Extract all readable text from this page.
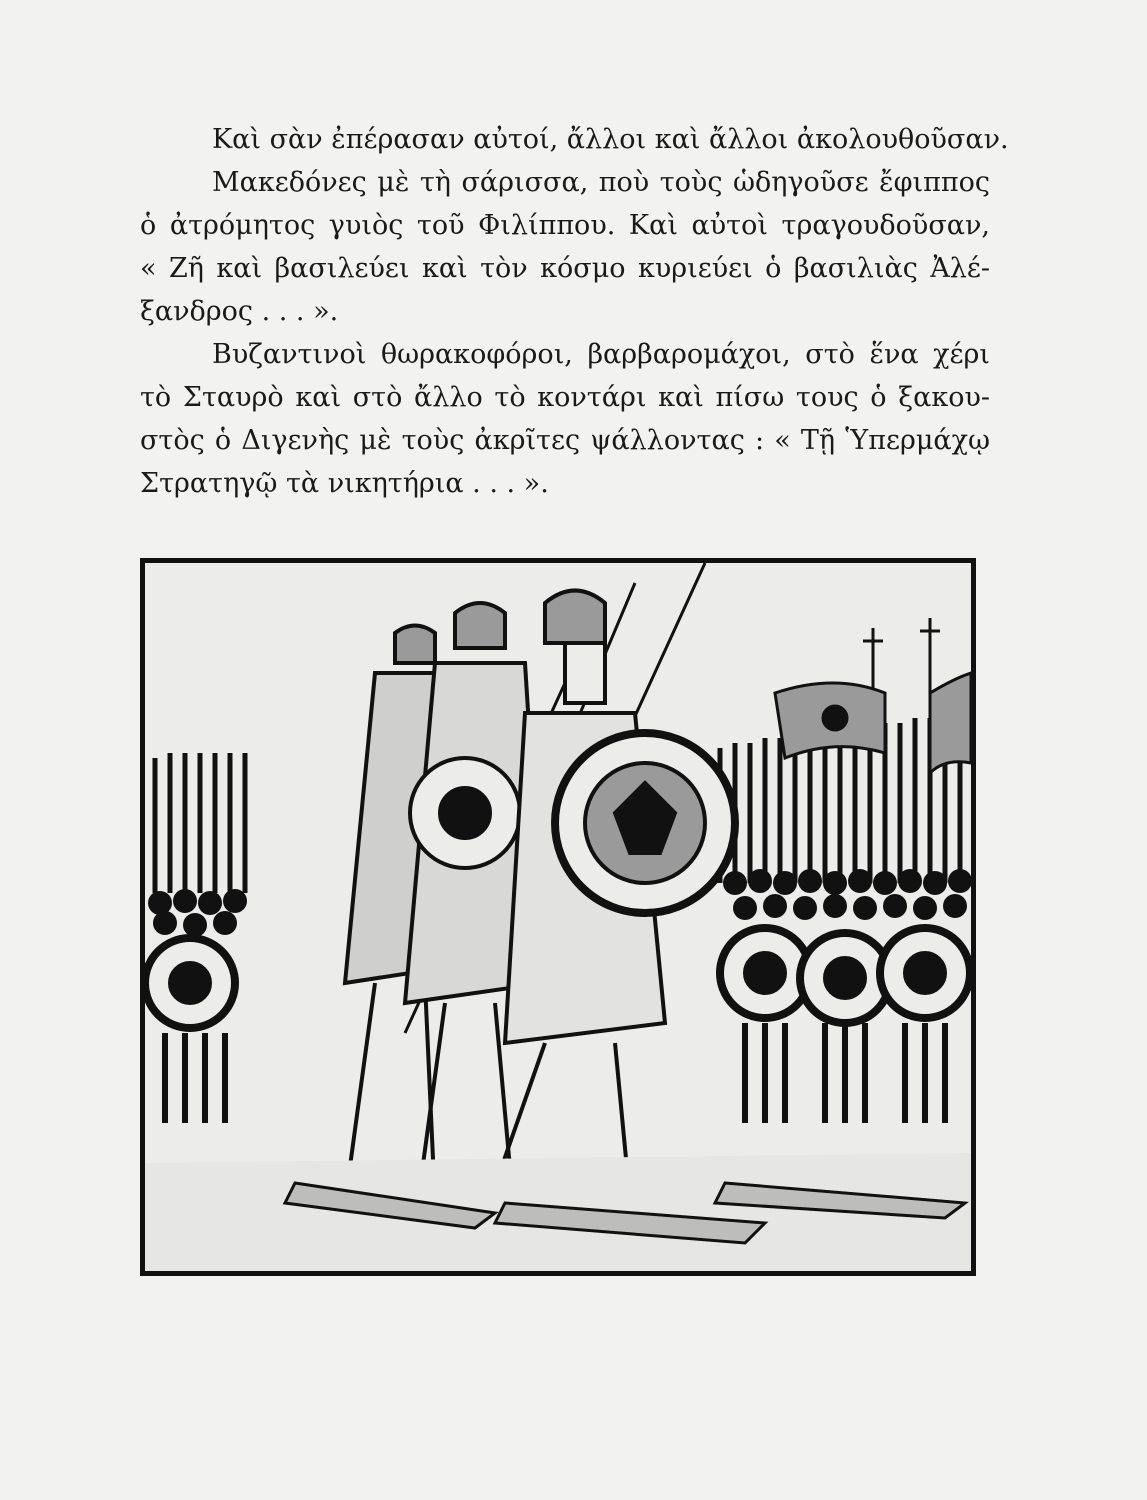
Καὶ σὰν ἐπέρασαν αὐτοί, ἄλλοι καὶ ἄλλοι ἀκολουθοῦσαν.
Μακεδόνες μὲ τὴ σάρισσα, ποὺ τοὺς ὡδηγοῦσε ἔφιππος
ὁ ἀτρόμητος γυιὸς τοῦ Φιλίππου. Καὶ αὐτοὶ τραγουδοῦσαν,
« Ζῆ καὶ βασιλεύει καὶ τὸν κόσμο κυριεύει ὁ βασιλιὰς Ἀλέ-
ξανδρος . . . ».
Βυζαντινοὶ θωρακοφόροι, βαρβαρομάχοι, στὸ ἕνα χέρι
τὸ Σταυρὸ καὶ στὸ ἄλλο τὸ κοντάρι καὶ πίσω τους ὁ ξακου-
στὸς ὁ Διγενὴς μὲ τοὺς ἀκρῖτες ψάλλοντας : « Τῇ Ὑπερμάχῳ
Στρατηγῷ τὰ νικητήρια . . . ».
